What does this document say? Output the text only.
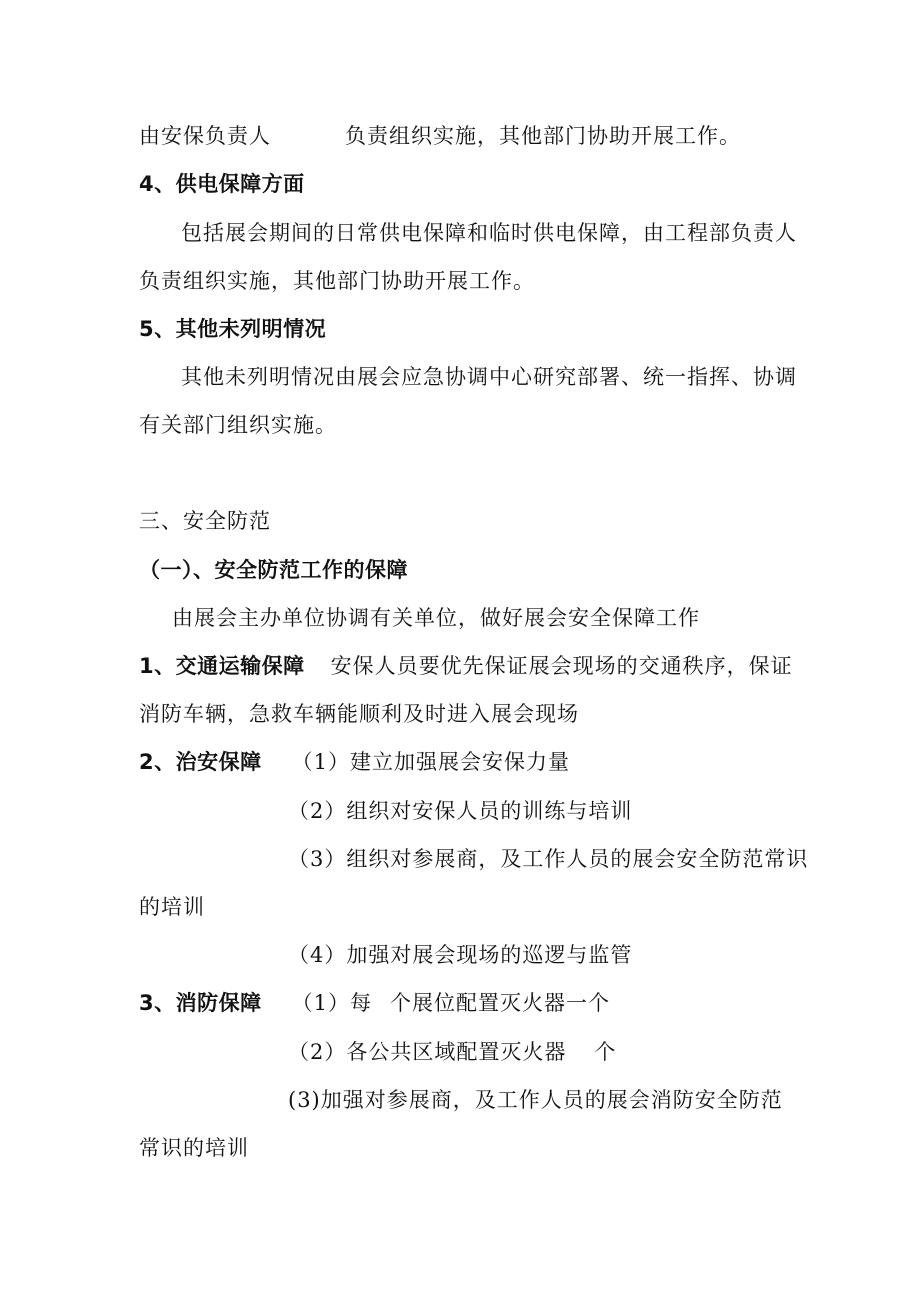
由安保负责人	负责组织实施，其他部门协助开展工作。
4、供电保障方面
包括展会期间的日常供电保障和临时供电保障，由工程部负责人
负责组织实施，其他部门协助开展工作。
5、其他未列明情况
其他未列明情况由展会应急协调中心研究部署、统一指挥、协调
有关部门组织实施。
三、安全防范
（一）、安全防范工作的保障
由展会主办单位协调有关单位，做好展会安全保障工作
1、交通运输保障 安保人员要优先保证展会现场的交通秩序，保证
消防车辆，急救车辆能顺利及时进入展会现场
2、治安保障 （1）建立加强展会安保力量
（2）组织对安保人员的训练与培训
（3）组织对参展商，及工作人员的展会安全防范常识
的培训
（4）加强对展会现场的巡逻与监管
3、消防保障 （1）每 个展位配置灭火器一个
（2）各公共区域配置灭火器 个
(3)加强对参展商，及工作人员的展会消防安全防范
常识的培训
